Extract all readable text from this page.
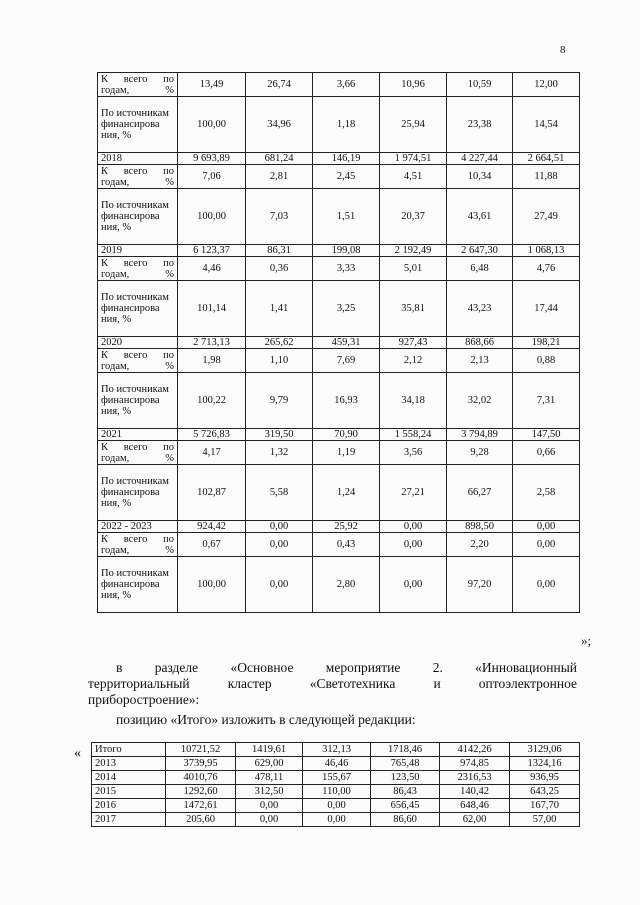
8
К всего по годам, %	13,49	26,74	3,66	10,96	10,59	12,00
По источникам финансирова ния, %	100,00	34,96	1,18	25,94	23,38	14,54
2018	9 693,89	681,24	146,19	1 974,51	4 227,44	2 664,51
К всего по годам, %	7,06	2,81	2,45	4,51	10,34	11,88
По источникам финансирова ния, %	100,00	7,03	1,51	20,37	43,61	27,49
2019	6 123,37	86,31	199,08	2 192,49	2 647,30	1 068,13
К всего по годам, %	4,46	0,36	3,33	5,01	6,48	4,76
По источникам финансирова ния, %	101,14	1,41	3,25	35,81	43,23	17,44
2020	2 713,13	265,62	459,31	927,43	868,66	198,21
К всего по годам, %	1,98	1,10	7,69	2,12	2,13	0,88
По источникам финансирова ния, %	100,22	9,79	16,93	34,18	32,02	7,31
2021	5 726,83	319,50	70,90	1 558,24	3 794,89	147,50
К всего по годам, %	4,17	1,32	1,19	3,56	9,28	0,66
По источникам финансирова ния, %	102,87	5,58	1,24	27,21	66,27	2,58
2022 - 2023	924,42	0,00	25,92	0,00	898,50	0,00
К всего по годам, %	0,67	0,00	0,43	0,00	2,20	0,00
По источникам финансирова ния, %	100,00	0,00	2,80	0,00	97,20	0,00
»;
в разделе «Основное мероприятие 2. «Инновационный
территориальный кластер «Светотехника и оптоэлектронное
приборостроение»:
позицию «Итого» изложить в следующей редакции:
« Итого	10721,52	1419,61	312,13	1718,46	4142,26	3129,06
2013	3739,95	629,00	46,46	765,48	974,85	1324,16
2014	4010,76	478,11	155,67	123,50	2316,53	936,95
2015	1292,60	312,50	110,00	86,43	140,42	643,25
2016	1472,61	0,00	0,00	656,45	648,46	167,70
2017	205,60	0,00	0,00	86,60	62,00	57,00
